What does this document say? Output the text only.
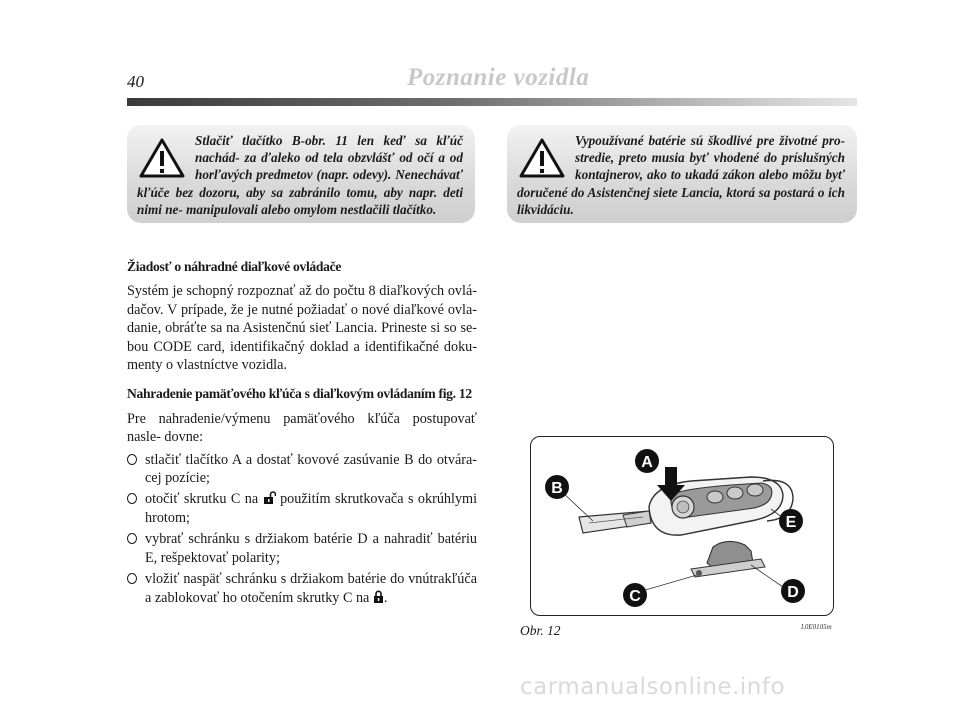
40	Poznanie vozidla
Stlačiť tlačítko B-obr. 11 len keď sa kľúč nachád- za ďaleko od tela obzvlášť od očí a od horľavých predmetov (napr. odevy). Nenechávať kľúče bez dozoru, aby sa zabránilo tomu, aby napr. deti nimi ne- manipulovali alebo omylom nestlačili tlačítko.
Vypoužívané batérie sú škodlivé pre životné pro- stredie, preto musia byť vhodené do príslušných kontajnerov, ako to ukadá zákon alebo môžu byť doručené do Asistenčnej siete Lancia, ktorá sa postará o ich likvidáciu.
Žiadosť o náhradné diaľkové ovládače
Systém je schopný rozpoznať až do počtu 8 diaľkových ovlá- dačov. V prípade, že je nutné požiadať o nové diaľkové ovla- danie, obráťte sa na Asistenčnú sieť Lancia. Prineste si so se- bou CODE card, identifikačný doklad a identifikačné doku- menty o vlastníctve vozidla.
Nahradenie pamäťového kľúča s diaľkovým ovládaním fig. 12
Pre nahradenie/výmenu pamäťového kľúča postupovať nasle- dovne:
stlačiť tlačítko A a dostať kovové zasúvanie B do otvára- cej pozície;
otočiť skrutku C na použitím skrutkovača s okrúhlymi hrotom;
vybrať schránku s držiakom batérie D a nahradiť batériu E, rešpektovať polarity;
vložiť naspäť schránku s držiakom batérie do vnútrakľúča a zablokovať ho otočením skrutky C na .
A
B
C	D
E
Obr. 12	L0E0105m
carmanualsonline.info
